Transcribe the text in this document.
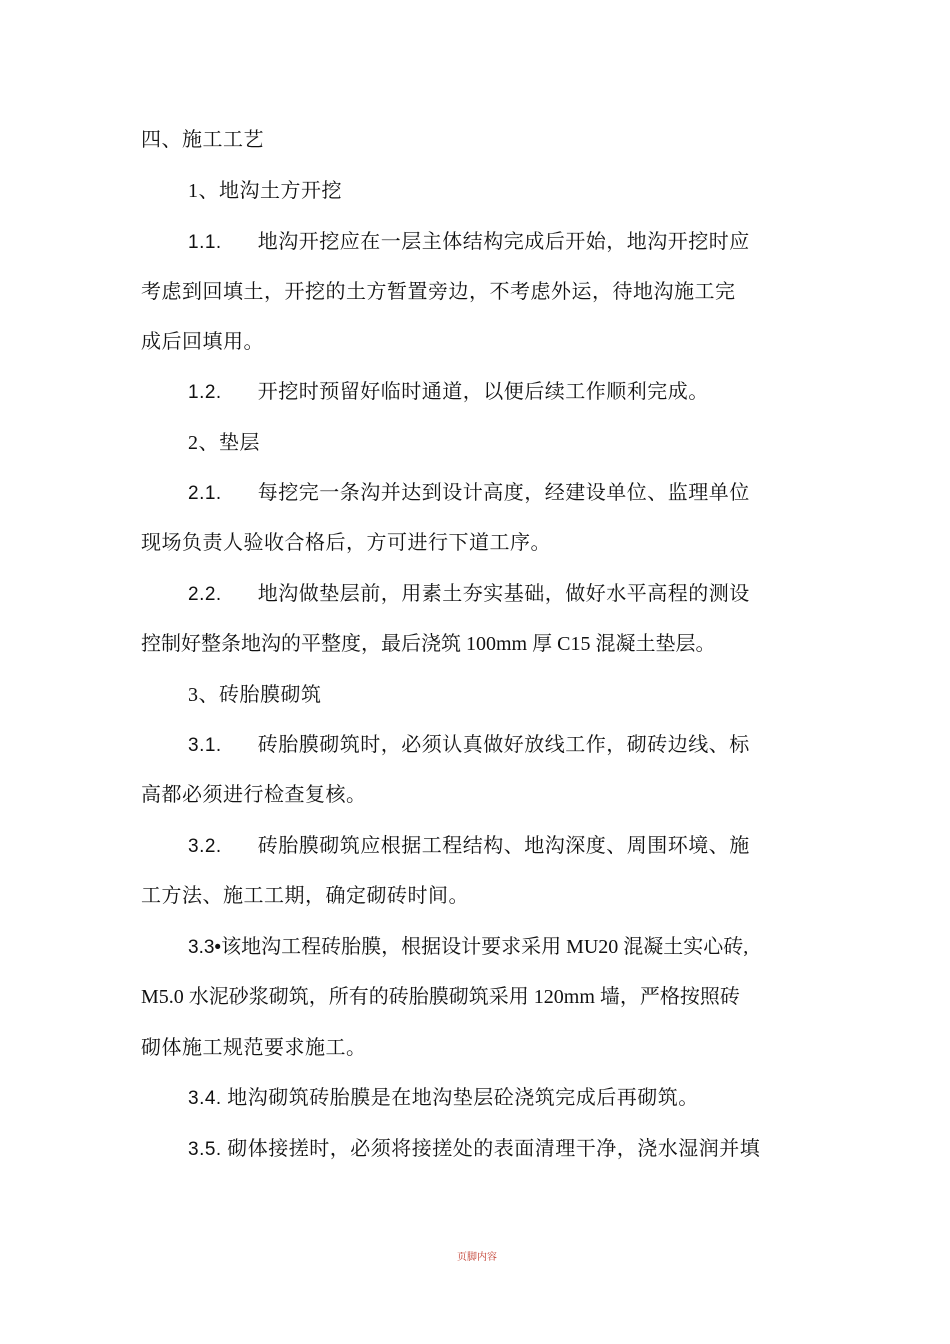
四、施工工艺
1、地沟土方开挖
1.1. 地沟开挖应在一层主体结构完成后开始，地沟开挖时应
考虑到回填土，开挖的土方暂置旁边，不考虑外运，待地沟施工完
成后回填用。
1.2. 开挖时预留好临时通道，以便后续工作顺利完成。
2、垫层
2.1. 每挖完一条沟并达到设计高度，经建设单位、监理单位
现场负责人验收合格后，方可进行下道工序。
2.2. 地沟做垫层前，用素土夯实基础，做好水平高程的测设
控制好整条地沟的平整度，最后浇筑 100mm 厚 C15 混凝土垫层。
3、砖胎膜砌筑
3.1. 砖胎膜砌筑时，必须认真做好放线工作，砌砖边线、标
高都必须进行检查复核。
3.2. 砖胎膜砌筑应根据工程结构、地沟深度、周围环境、施
工方法、施工工期，确定砌砖时间。
3.3•该地沟工程砖胎膜，根据设计要求采用 MU20 混凝土实心砖,
M5.0 水泥砂浆砌筑，所有的砖胎膜砌筑采用 120mm 墙，严格按照砖
砌体施工规范要求施工。
3.4. 地沟砌筑砖胎膜是在地沟垫层砼浇筑完成后再砌筑。
3.5. 砌体接搓时，必须将接搓处的表面清理干净，浇水湿润并填
页脚内容
